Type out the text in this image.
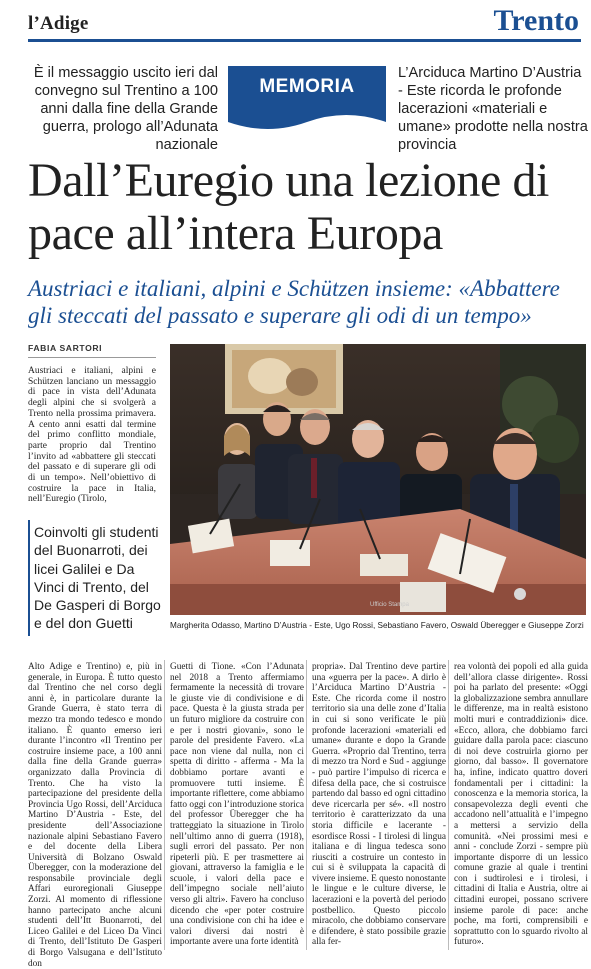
l’Adige	Trento
È il messaggio uscito ieri dal convegno sul Trentino a 100 anni dalla fine della Grande guerra, prologo all’Adunata nazionale
MEMORIA
L’Arciduca Martino D’Austria - Este ricorda le profonde lacerazioni «materiali e umane» prodotte nella nostra provincia
Dall’Euregio una lezione di pace all’intera Europa
Austriaci e italiani, alpini e Schützen insieme: «Abbattere gli steccati del passato e superare gli odi di un tempo»
FABIA SARTORI
Austriaci e italiani, alpini e Schützen lanciano un messaggio di pace in vista dell’Adunata degli alpini che si svolgerà a Trento nella prossima primavera. A cento anni esatti dal termine del primo conflitto mondiale, parte proprio dal Trentino l’invito ad «abbattere gli steccati del passato e di superare gli odi di un tempo». Nell’obiettivo di costruire la pace in Italia, nell’Euregio (Tirolo,
Coinvolti gli studenti del Buonarroti, dei licei Galilei e Da Vinci di Trento, del De Gasperi di Borgo e del don Guetti
Ufficio Stampa
Margherita Odasso, Martino D’Austria - Este, Ugo Rossi, Sebastiano Favero, Oswald Überegger e Giuseppe Zorzi

Alto Adige e Trentino) e, più in generale, in Europa. È tutto questo dal Trentino che nel corso degli anni è, in particolare durante la Grande Guerra, è stato terra di mezzo tra mondo tedesco e mondo italiano. È quanto emerso ieri durante l’incontro «Il Trentino per costruire insieme pace, a 100 anni dalla fine della Grande guerra» organizzato dalla Provincia di Trento. Che ha visto la partecipazione del presidente della Provincia Ugo Rossi, dell’Arciduca Martino D’Austria - Este, del presidente dell’Associazione nazionale alpini Sebastiano Favero e del docente della Libera Università di Bolzano Oswald Überegger, con la moderazione del responsabile provinciale degli Affari euroregionali Giuseppe Zorzi. Al momento di riflessione hanno partecipato anche alcuni studenti dell’Itt Buonarroti, del Liceo Galilei e del Liceo Da Vinci di Trento, dell’Istituto De Gasperi di Borgo Valsugana e dell’Istituto don

Guetti di Tione. «Con l’Adunata nel 2018 a Trento affermiamo fermamente la necessità di trovare le giuste vie di condivisione e di pace. Questa è la giusta strada per un futuro migliore da costruire con e per i nostri giovani», sono le parole del presidente Favero. «La pace non viene dal nulla, non ci spetta di diritto - afferma - Ma la dobbiamo portare avanti e promuovere tutti insieme. È importante riflettere, come abbiamo fatto oggi con l’introduzione storica del professor Überegger che ha tratteggiato la situazione in Tirolo nell’ultimo anno di guerra (1918), sugli errori del passato. Per non ripeterli più. E per trasmettere ai giovani, attraverso la famiglia e le scuole, i valori della pace e dell’impegno sociale nell’aiuto verso gli altri». Favero ha concluso dicendo che «per poter costruire una condivisione con chi ha idee e valori diversi dai nostri è importante avere una forte identità

propria». Dal Trentino deve partire una «guerra per la pace». A dirlo è l’Arciduca Martino D’Austria - Este. Che ricorda come il nostro territorio sia una delle zone d’Italia in cui si sono verificate le più profonde lacerazioni «materiali ed umane» durante e dopo la Grande Guerra. «Proprio dal Trentino, terra di mezzo tra Nord e Sud - aggiunge - può partire l’impulso di ricerca e difesa della pace, che si costruisce partendo dal basso ed ogni cittadino deve ricercarla per sé». «Il nostro territorio è caratterizzato da una storia difficile e lacerante - esordisce Rossi - I tirolesi di lingua italiana e di lingua tedesca sono riusciti a costruire un contesto in cui si è sviluppata la capacità di vivere insieme. E questo nonostante le lingue e le culture diverse, le lacerazioni e la povertà del periodo postbellico. Questo piccolo miracolo, che dobbiamo conservare e difendere, è stato possibile grazie alla fer-

rea volontà dei popoli ed alla guida dell’allora classe dirigente». Rossi poi ha parlato del presente: «Oggi la globalizzazione sembra annullare le differenze, ma in realtà esistono molti muri e contraddizioni» dice. «Ecco, allora, che dobbiamo farci guidare dalla parola pace: ciascuno di noi deve costruirla giorno per giorno, dal basso». Il governatore ha, infine, indicato quattro doveri fondamentali per i cittadini: la conoscenza e la memoria storica, la consapevolezza degli eventi che accadono nell’attualità e l’impegno a mettersi a servizio della comunità. «Nei prossimi mesi e anni - conclude Zorzi - sempre più importante disporre di un lessico comune grazie al quale i trentini con i sudtirolesi e i tirolesi, i cittadini di Italia e Austria, oltre ai cittadini europei, possano scrivere insieme parole di pace: anche poche, ma forti, comprensibili e soprattutto con lo sguardo rivolto al futuro».
